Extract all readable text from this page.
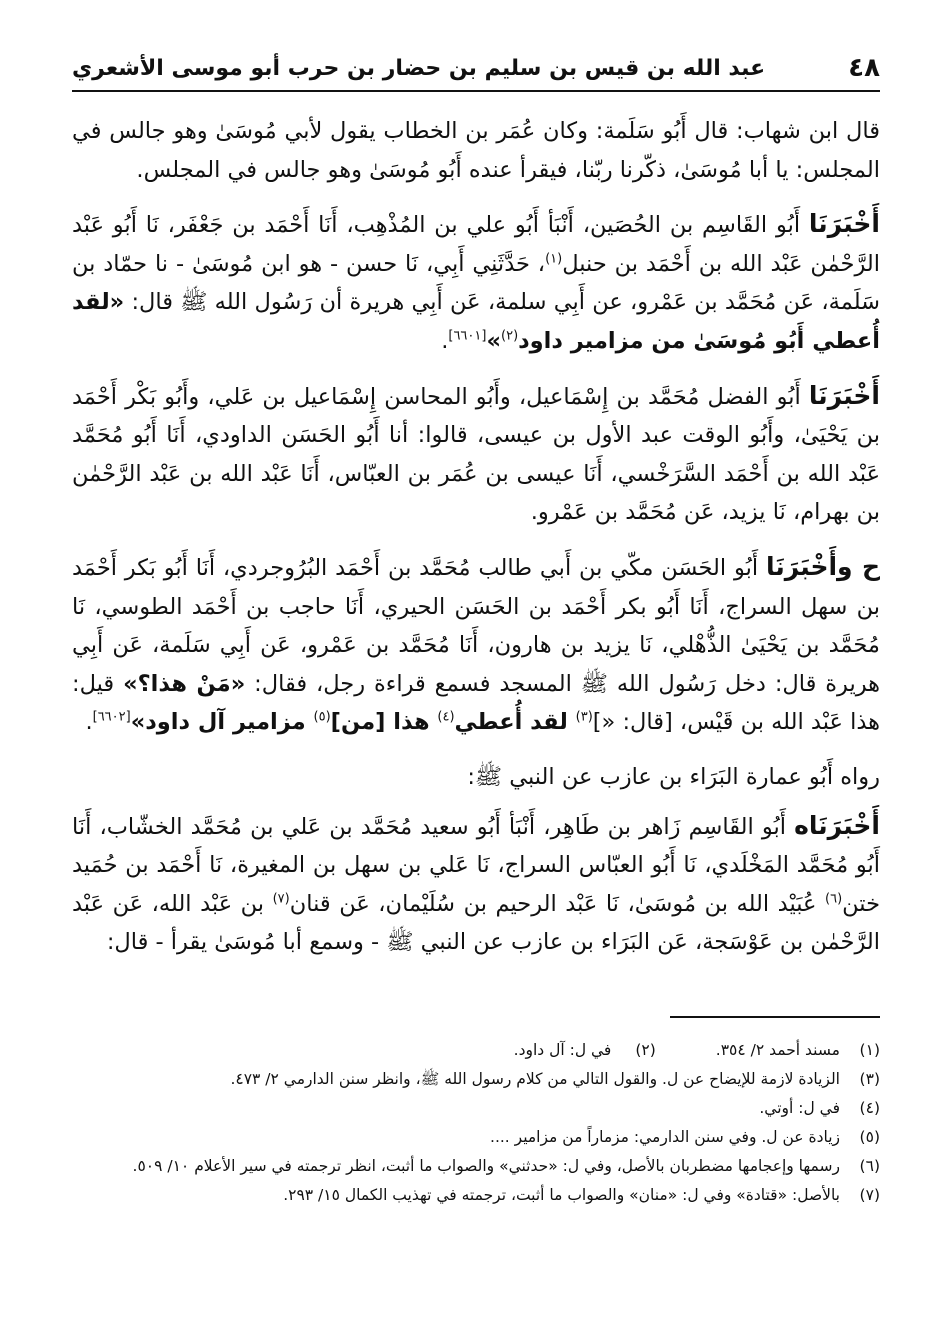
٤٨
عبد الله بن قيس بن سليم بن حضار بن حرب أبو موسى الأشعري

قال ابن شهاب: قال أَبُو سَلَمة: وكان عُمَر بن الخطاب يقول لأبي مُوسَىٰ وهو جالس في المجلس: يا أبا مُوسَىٰ، ذكّرنا ربّنا، فيقرأ عنده أَبُو مُوسَىٰ وهو جالس في المجلس.

أَخْبَرَنَا أَبُو القَاسِم بن الحُصَين، أَنْبَأ أَبُو علي بن المُذْهِب، أَنَا أَحْمَد بن جَعْفَر، نَا أَبُو عَبْد الرَّحْمٰن عَبْد الله بن أَحْمَد بن حنبل$^{(١)}$، حَدَّثَنِي أَبِي، نَا حسن - هو ابن مُوسَىٰ - نا حمّاد بن سَلَمة، عَن مُحَمَّد بن عَمْرو، عن أَبِي سلمة، عَن أَبِي هريرة أن رَسُول الله ﷺ قال: «لقد أُعطي أَبُو مُوسَىٰ من مزامير داود$^{(٢)}$»[٦٦٠١].

أَخْبَرَنَا أَبُو الفضل مُحَمَّد بن إِسْمَاعيل، وأَبُو المحاسن إِسْمَاعيل بن عَلي، وأَبُو بَكْر أَحْمَد بن يَحْيَىٰ، وأَبُو الوقت عبد الأول بن عيسى، قالوا: أنا أَبُو الحَسَن الداودي، أَنَا أَبُو مُحَمَّد عَبْد الله بن أَحْمَد السَّرَخْسي، أَنَا عيسى بن عُمَر بن العبّاس، أَنَا عَبْد الله بن عَبْد الرَّحْمٰن بن بهرام، نَا يزيد، عَن مُحَمَّد بن عَمْرو.

ح وأَخْبَرَنَا أَبُو الحَسَن مكّي بن أَبي طالب مُحَمَّد بن أَحْمَد البُرُوجردي، أَنَا أَبُو بَكر أَحْمَد بن سهل السراج، أَنَا أَبُو بكر أَحْمَد بن الحَسَن الحيري، أَنَا حاجب بن أَحْمَد الطوسي، نَا مُحَمَّد بن يَحْيَىٰ الذُّهْلي، نَا يزيد بن هارون، أَنَا مُحَمَّد بن عَمْرو، عَن أَبِي سَلَمة، عَن أَبِي هريرة قال: دخل رَسُول الله ﷺ المسجد فسمع قراءة رجل، فقال: «مَنْ هذا؟» قيل: هذا عَبْد الله بن قَيْس، [قال: «]$^{(٣)}$ لقد أُعطي$^{(٤)}$ هذا [من]$^{(٥)}$ مزامير آل داود»[٦٦٠٢].

رواه أَبُو عمارة البَرَاء بن عازب عن النبي ﷺ:

أَخْبَرَنَاه أَبُو القَاسِم زَاهر بن طَاهِر، أَنْبَأ أَبُو سعيد مُحَمَّد بن عَلي بن مُحَمَّد الخشّاب، أَنَا أَبُو مُحَمَّد المَخْلَدي، نَا أَبُو العبّاس السراج، نَا عَلي بن سهل بن المغيرة، نَا أَحْمَد بن حُمَيد ختن$^{(٦)}$ عُبَيْد الله بن مُوسَىٰ، نَا عَبْد الرحيم بن سُلَيْمان، عَن قنان$^{(٧)}$ بن عَبْد الله، عَن عَبْد الرَّحْمٰن بن عَوْسَجة، عَن البَرَاء بن عازب عن النبي ﷺ - وسمع أبا مُوسَىٰ يقرأ - قال:

(١)
مسند أحمد ٢/ ٣٥٤.
(٢)
في ل: آل داود.
(٣)
الزيادة لازمة للإيضاح عن ل. والقول التالي من كلام رسول الله ﷺ، وانظر سنن الدارمي ٢/ ٤٧٣.
(٤)
في ل: أوتي.
(٥)
زيادة عن ل. وفي سنن الدارمي: مزماراً من مزامير ....
(٦)
رسمها وإعجامها مضطربان بالأصل، وفي ل: «حدثني» والصواب ما أثبت، انظر ترجمته في سير الأعلام ١٠/ ٥٠٩.
(٧)
بالأصل: «قتادة» وفي ل: «منان» والصواب ما أثبت، ترجمته في تهذيب الكمال ١٥/ ٢٩٣.
